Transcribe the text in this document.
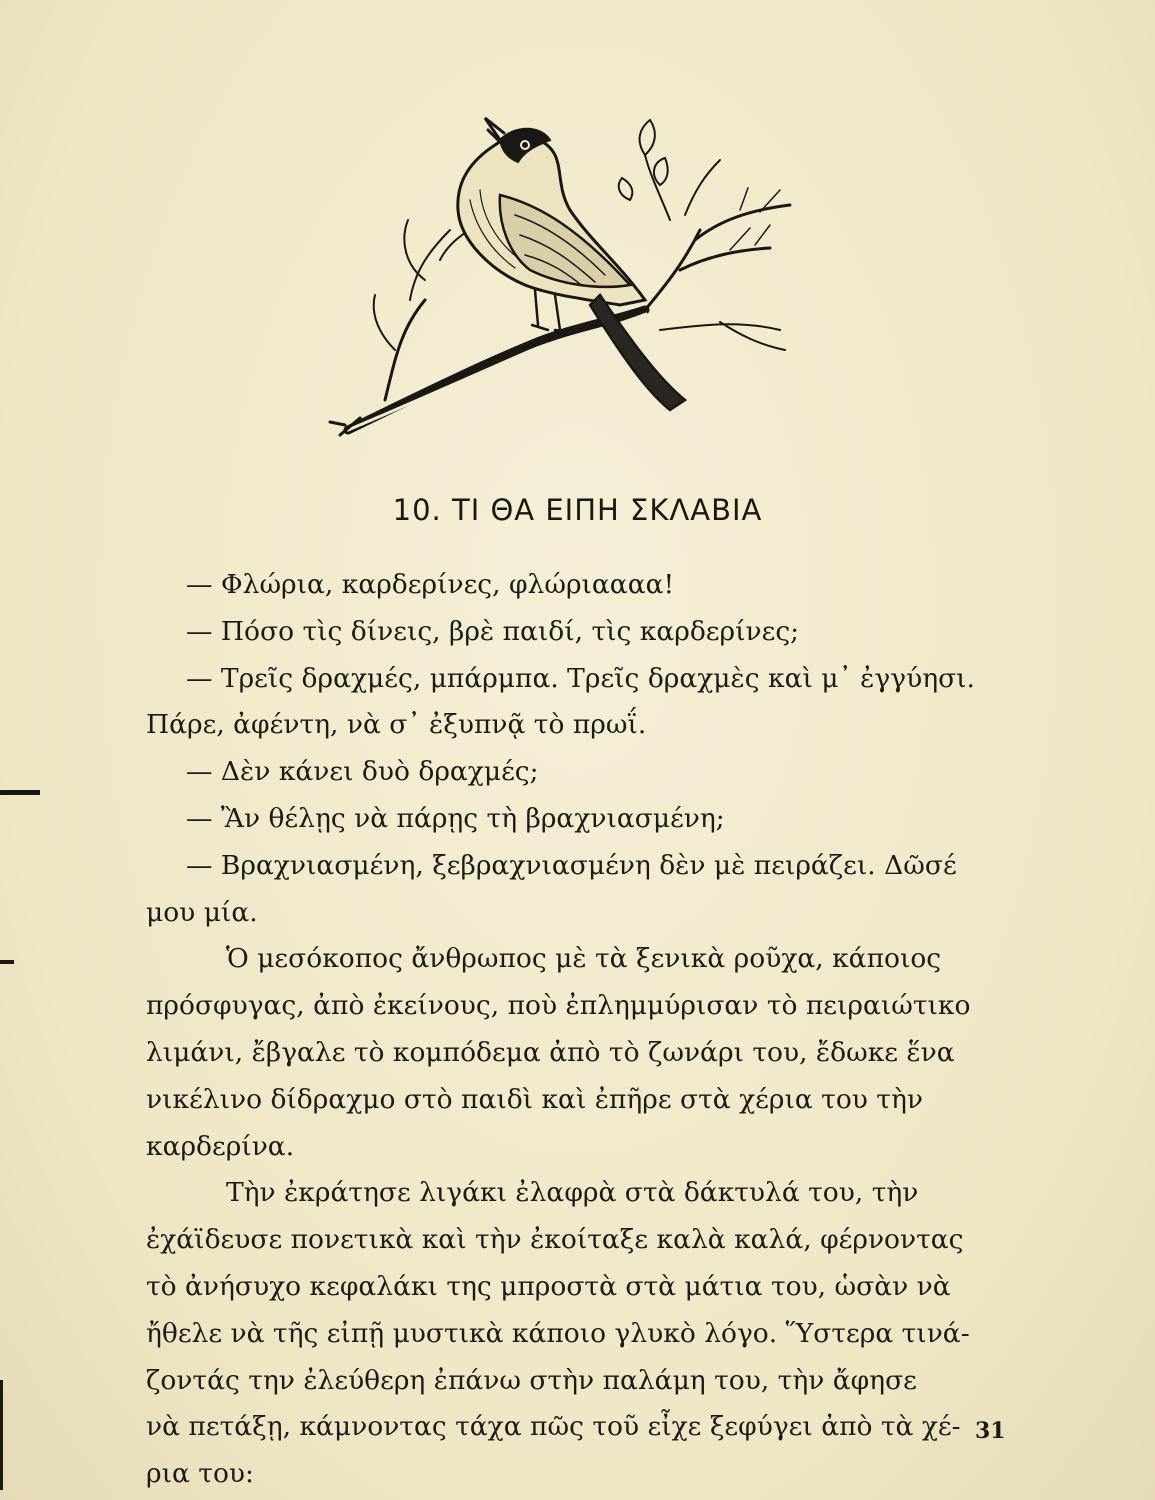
10. ΤΙ ΘΑ ΕΙΠΗ ΣΚΛΑΒΙΑ

— Φλώρια, καρδερίνες, φλώριαααα!

— Πόσο τὶς δίνεις, βρὲ παιδί, τὶς καρδερίνες;

— Τρεῖς δραχμές, μπάρμπα. Τρεῖς δραχμὲς καὶ μ᾿ ἐγγύησι.

Πάρε, ἀφέντη, νὰ σ᾿ ἐξυπνᾷ τὸ πρωΐ.

— Δὲν κάνει δυὸ δραχμές;

— Ἂν θέλῃς νὰ πάρῃς τὴ βραχνιασμένη;

— Βραχνιασμένη, ξεβραχνιασμένη δὲν μὲ πειράζει. Δῶσέ

μου μία.

Ὁ μεσόκοπος ἄνθρωπος μὲ τὰ ξενικὰ ροῦχα, κάποιος

πρόσφυγας, ἀπὸ ἐκείνους, ποὺ ἐπλημμύρισαν τὸ πειραιώτικο

λιμάνι, ἔβγαλε τὸ κομπόδεμα ἀπὸ τὸ ζωνάρι του, ἔδωκε ἕνα

νικέλινο δίδραχμο στὸ παιδὶ καὶ ἐπῆρε στὰ χέρια του τὴν

καρδερίνα.

Τὴν ἐκράτησε λιγάκι ἐλαφρὰ στὰ δάκτυλά του, τὴν

ἐχάϊδευσε πονετικὰ καὶ τὴν ἐκοίταξε καλὰ καλά, φέρνοντας

τὸ ἀνήσυχο κεφαλάκι της μπροστὰ στὰ μάτια του, ὡσὰν νὰ

ἤθελε νὰ τῆς εἰπῇ μυστικὰ κάποιο γλυκὸ λόγο. Ὕστερα τινά-

ζοντάς την ἐλεύθερη ἐπάνω στὴν παλάμη του, τὴν ἄφησε

νὰ πετάξῃ, κάμνοντας τάχα πῶς τοῦ εἶχε ξεφύγει ἀπὸ τὰ χέ-

ρια του:

31
